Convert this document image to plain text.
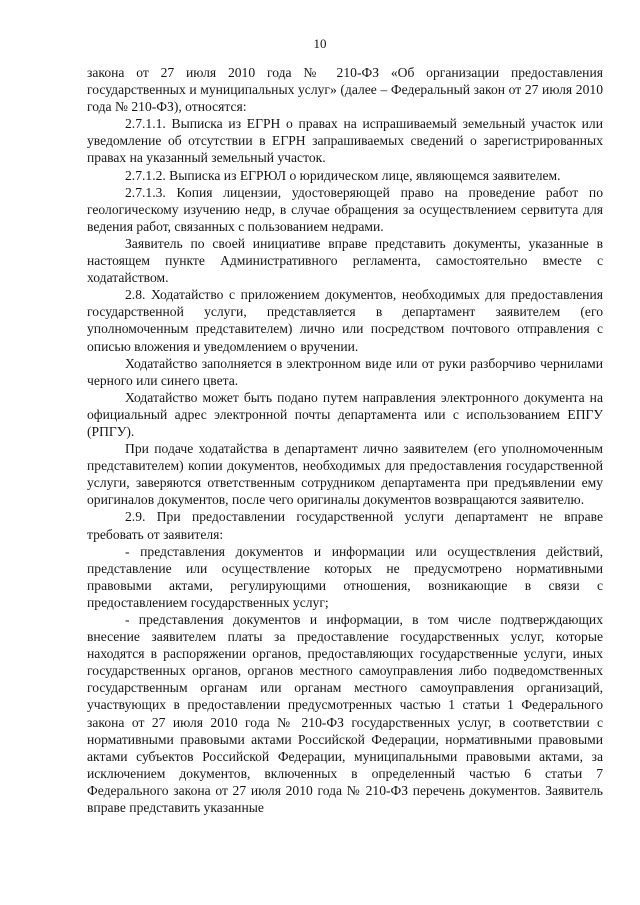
10

закона от 27 июля 2010 года № 210-ФЗ «Об организации предоставления государственных и муниципальных услуг» (далее – Федеральный закон от 27 июля 2010 года № 210-ФЗ), относятся:

2.7.1.1. Выписка из ЕГРН о правах на испрашиваемый земельный участок или уведомление об отсутствии в ЕГРН запрашиваемых сведений о зарегистрированных правах на указанный земельный участок.

2.7.1.2. Выписка из ЕГРЮЛ о юридическом лице, являющемся заявителем.

2.7.1.3. Копия лицензии, удостоверяющей право на проведение работ по геологическому изучению недр, в случае обращения за осуществлением сервитута для ведения работ, связанных с пользованием недрами.

Заявитель по своей инициативе вправе представить документы, указанные в настоящем пункте Административного регламента, самостоятельно вместе с ходатайством.

2.8. Ходатайство с приложением документов, необходимых для предоставления государственной услуги, представляется в департамент заявителем (его уполномоченным представителем) лично или посредством почтового отправления с описью вложения и уведомлением о вручении.

Ходатайство заполняется в электронном виде или от руки разборчиво чернилами черного или синего цвета.

Ходатайство может быть подано путем направления электронного документа на официальный адрес электронной почты департамента или с использованием ЕПГУ (РПГУ).

При подаче ходатайства в департамент лично заявителем (его уполномоченным представителем) копии документов, необходимых для предоставления государственной услуги, заверяются ответственным сотрудником департамента при предъявлении ему оригиналов документов, после чего оригиналы документов возвращаются заявителю.

2.9. При предоставлении государственной услуги департамент не вправе требовать от заявителя:

- представления документов и информации или осуществления действий, представление или осуществление которых не предусмотрено нормативными правовыми актами, регулирующими отношения, возникающие в связи с предоставлением государственных услуг;

- представления документов и информации, в том числе подтверждающих внесение заявителем платы за предоставление государственных услуг, которые находятся в распоряжении органов, предоставляющих государственные услуги, иных государственных органов, органов местного самоуправления либо подведомственных государственным органам или органам местного самоуправления организаций, участвующих в предоставлении предусмотренных частью 1 статьи 1 Федерального закона от 27 июля 2010 года № 210-ФЗ государственных услуг, в соответствии с нормативными правовыми актами Российской Федерации, нормативными правовыми актами субъектов Российской Федерации, муниципальными правовыми актами, за исключением документов, включенных в определенный частью 6 статьи 7 Федерального закона от 27 июля 2010 года № 210-ФЗ перечень документов. Заявитель вправе представить указанные
